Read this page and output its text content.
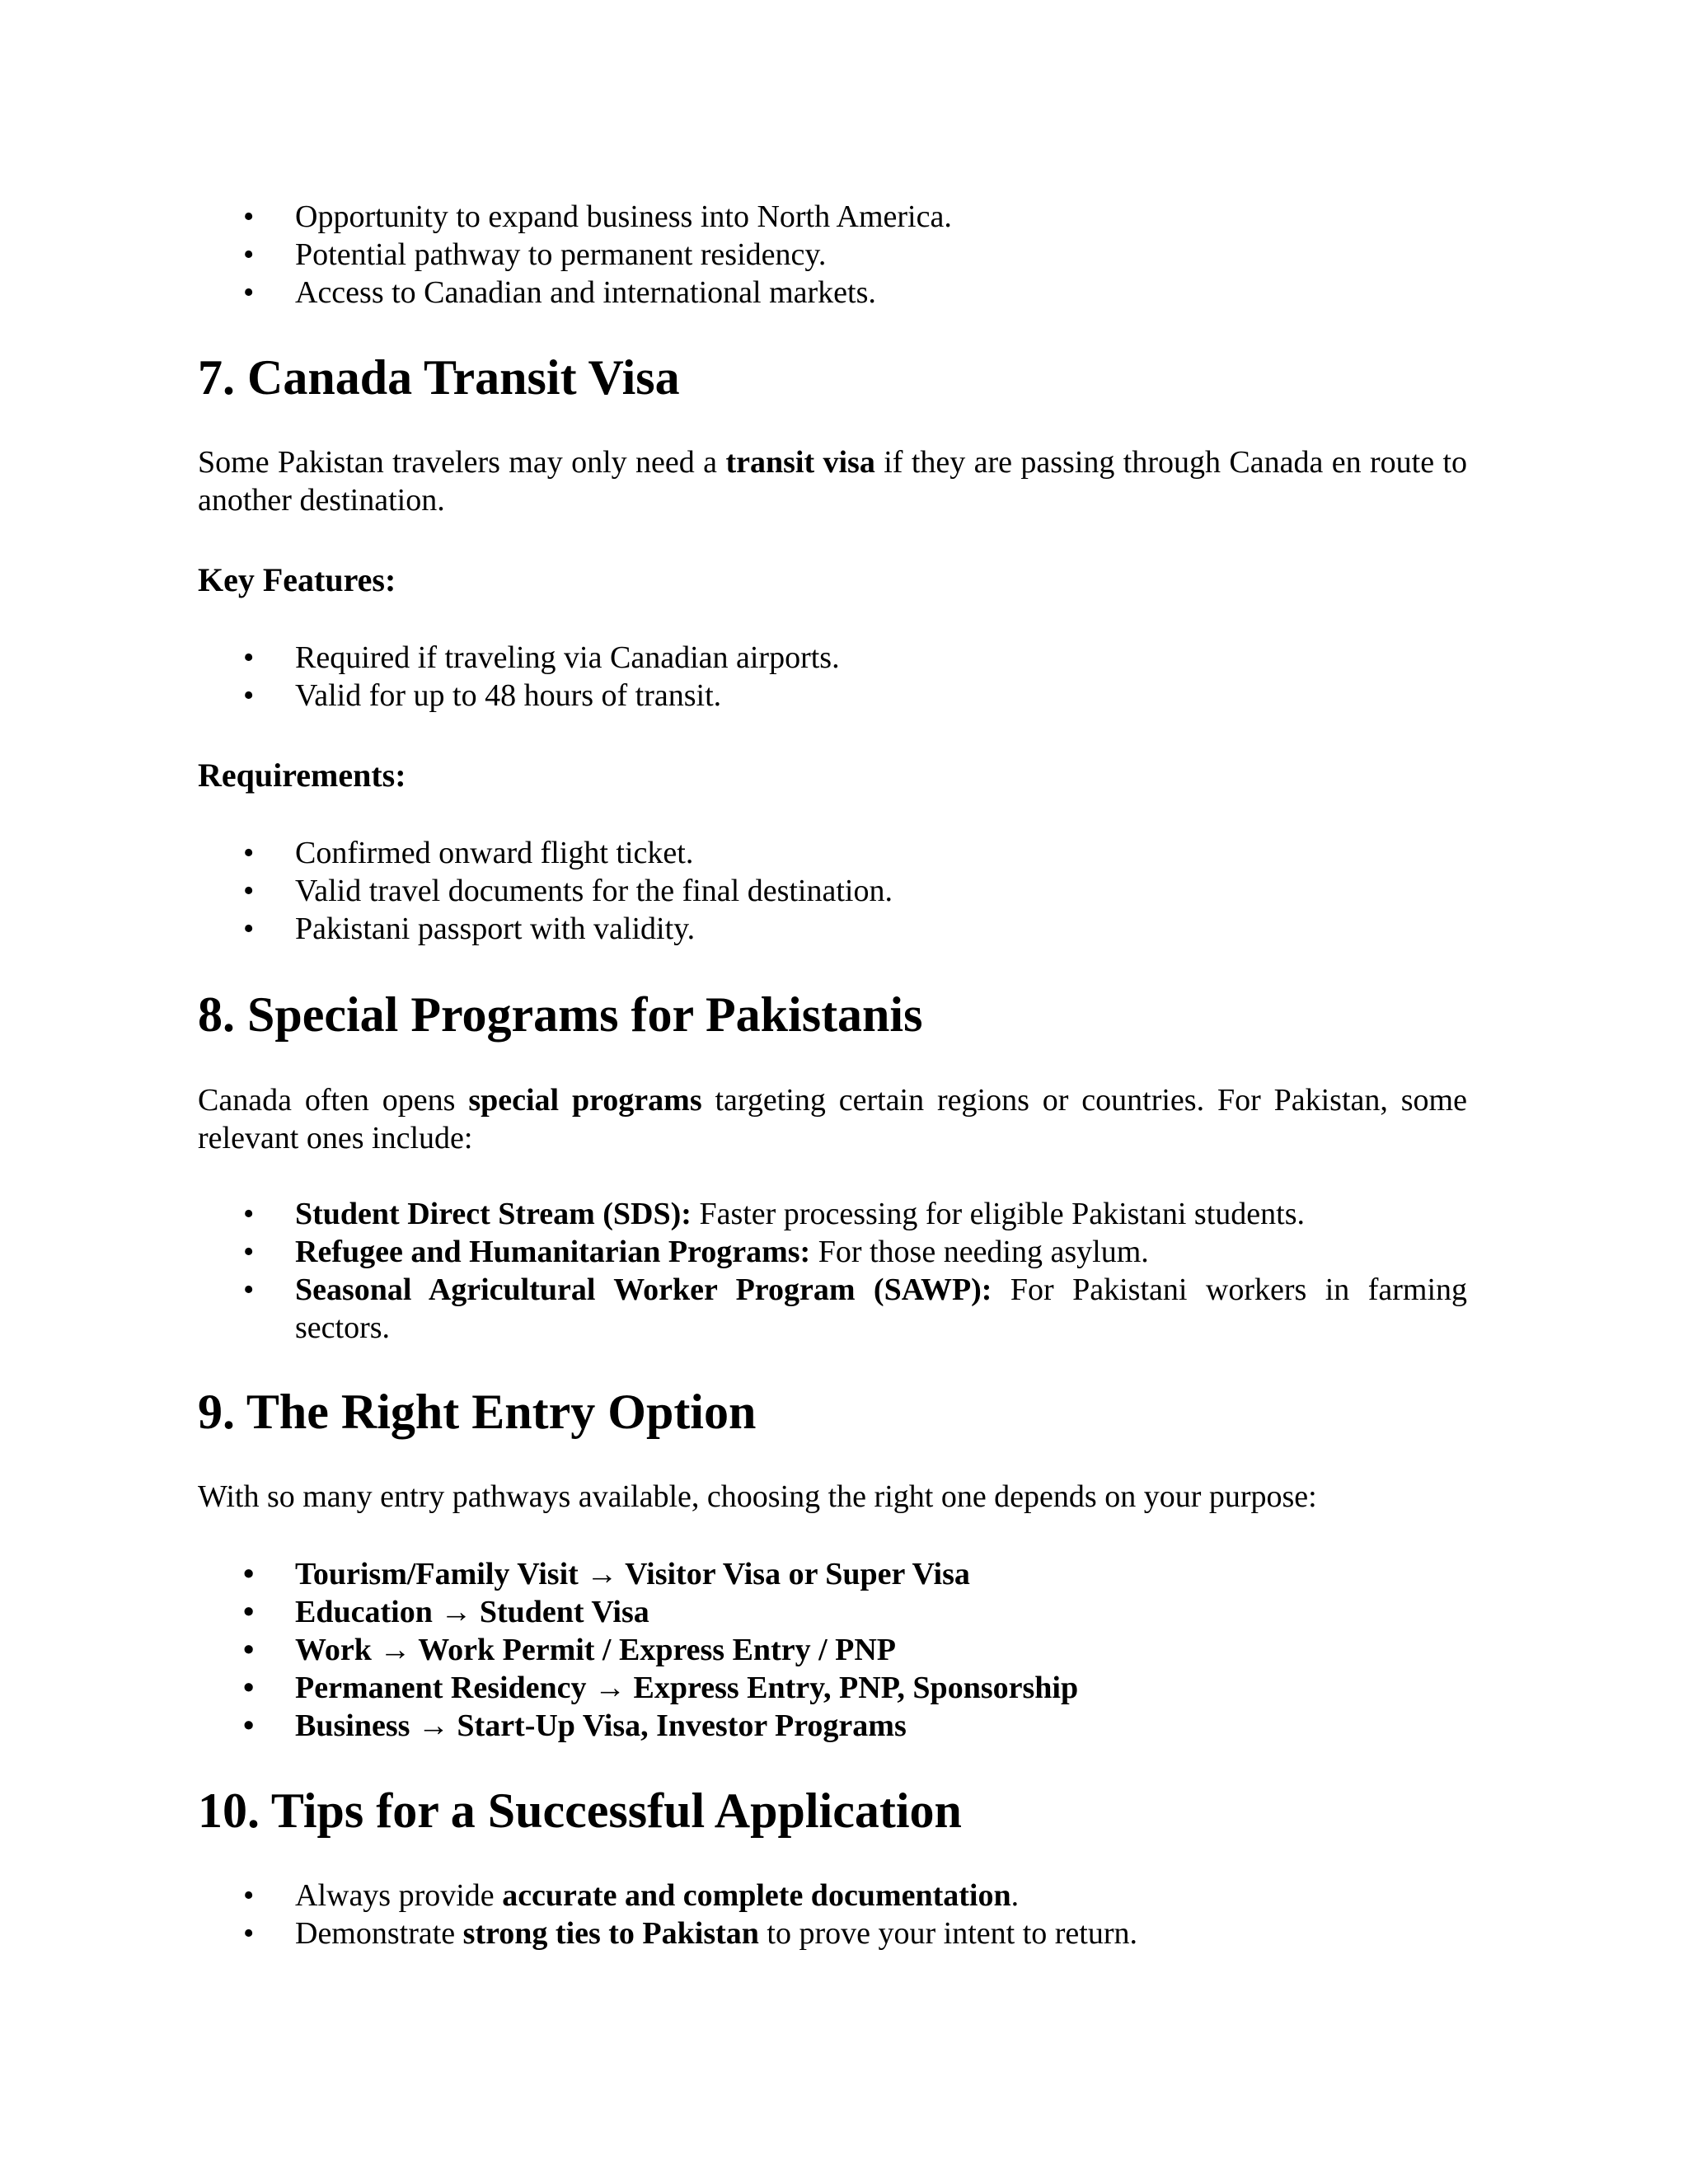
• Opportunity to expand business into North America.
• Potential pathway to permanent residency.
• Access to Canadian and international markets.
7. Canada Transit Visa

Some Pakistan travelers may only need a transit visa if they are passing through Canada en route to another destination.

Key Features:
• Required if traveling via Canadian airports.
• Valid for up to 48 hours of transit.
Requirements:
• Confirmed onward flight ticket.
• Valid travel documents for the final destination.
• Pakistani passport with validity.
8. Special Programs for Pakistanis

Canada often opens special programs targeting certain regions or countries. For Pakistan, some relevant ones include:

• Student Direct Stream (SDS): Faster processing for eligible Pakistani students.
• Refugee and Humanitarian Programs: For those needing asylum.
• Seasonal Agricultural Worker Program (SAWP): For Pakistani workers in farming sectors.
9. The Right Entry Option

With so many entry pathways available, choosing the right one depends on your purpose:

• Tourism/Family Visit → Visitor Visa or Super Visa
• Education → Student Visa
• Work → Work Permit / Express Entry / PNP
• Permanent Residency → Express Entry, PNP, Sponsorship
• Business → Start-Up Visa, Investor Programs
10. Tips for a Successful Application
• Always provide accurate and complete documentation.
• Demonstrate strong ties to Pakistan to prove your intent to return.
